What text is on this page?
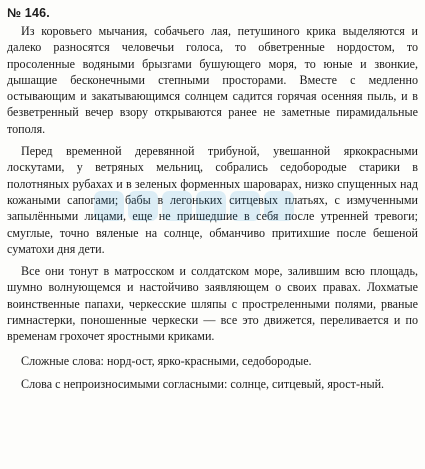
№ 146.

Из коровьего мычания, собачьего лая, петушиного крика выделяются и далеко разносятся человечьи голоса, то обветренные нордостом, то просоленные водяными брызгами бушующего моря, то юные и звонкие, дышащие бесконечными степными просторами. Вместе с медленно остывающим и закатывающимся солнцем садится горячая осенняя пыль, и в безветренный вечер взору открываются ранее не заметные пирамидальные тополя.

Перед временной деревянной трибуной, увешанной яркокрасными лоскутами, у ветряных мельниц, собрались седобородые старики в полотняных рубахах и в зеленых форменных шароварах, низко спущенных над кожаными сапогами; бабы в легоньких ситцевых платьях, с измученными запылёнными лицами, еще не пришедшие в себя после утренней тревоги; смуглые, точно вяленые на солнце, обманчиво притихшие после бешеной суматохи дня дети.

Все они тонут в матросском и солдатском море, залившим всю площадь, шумно волнующемся и настойчиво заявляющем о своих правах. Лохматые воинственные папахи, черкесские шляпы с простреленными полями, рваные гимнастерки, поношенные черкески — все это движется, переливается и по временам грохочет яростными криками.

Сложные слова: норд-ост, ярко-красными, седобородые.

Слова с непроизносимыми согласными: солнце, ситцевый, ярост-ный.
